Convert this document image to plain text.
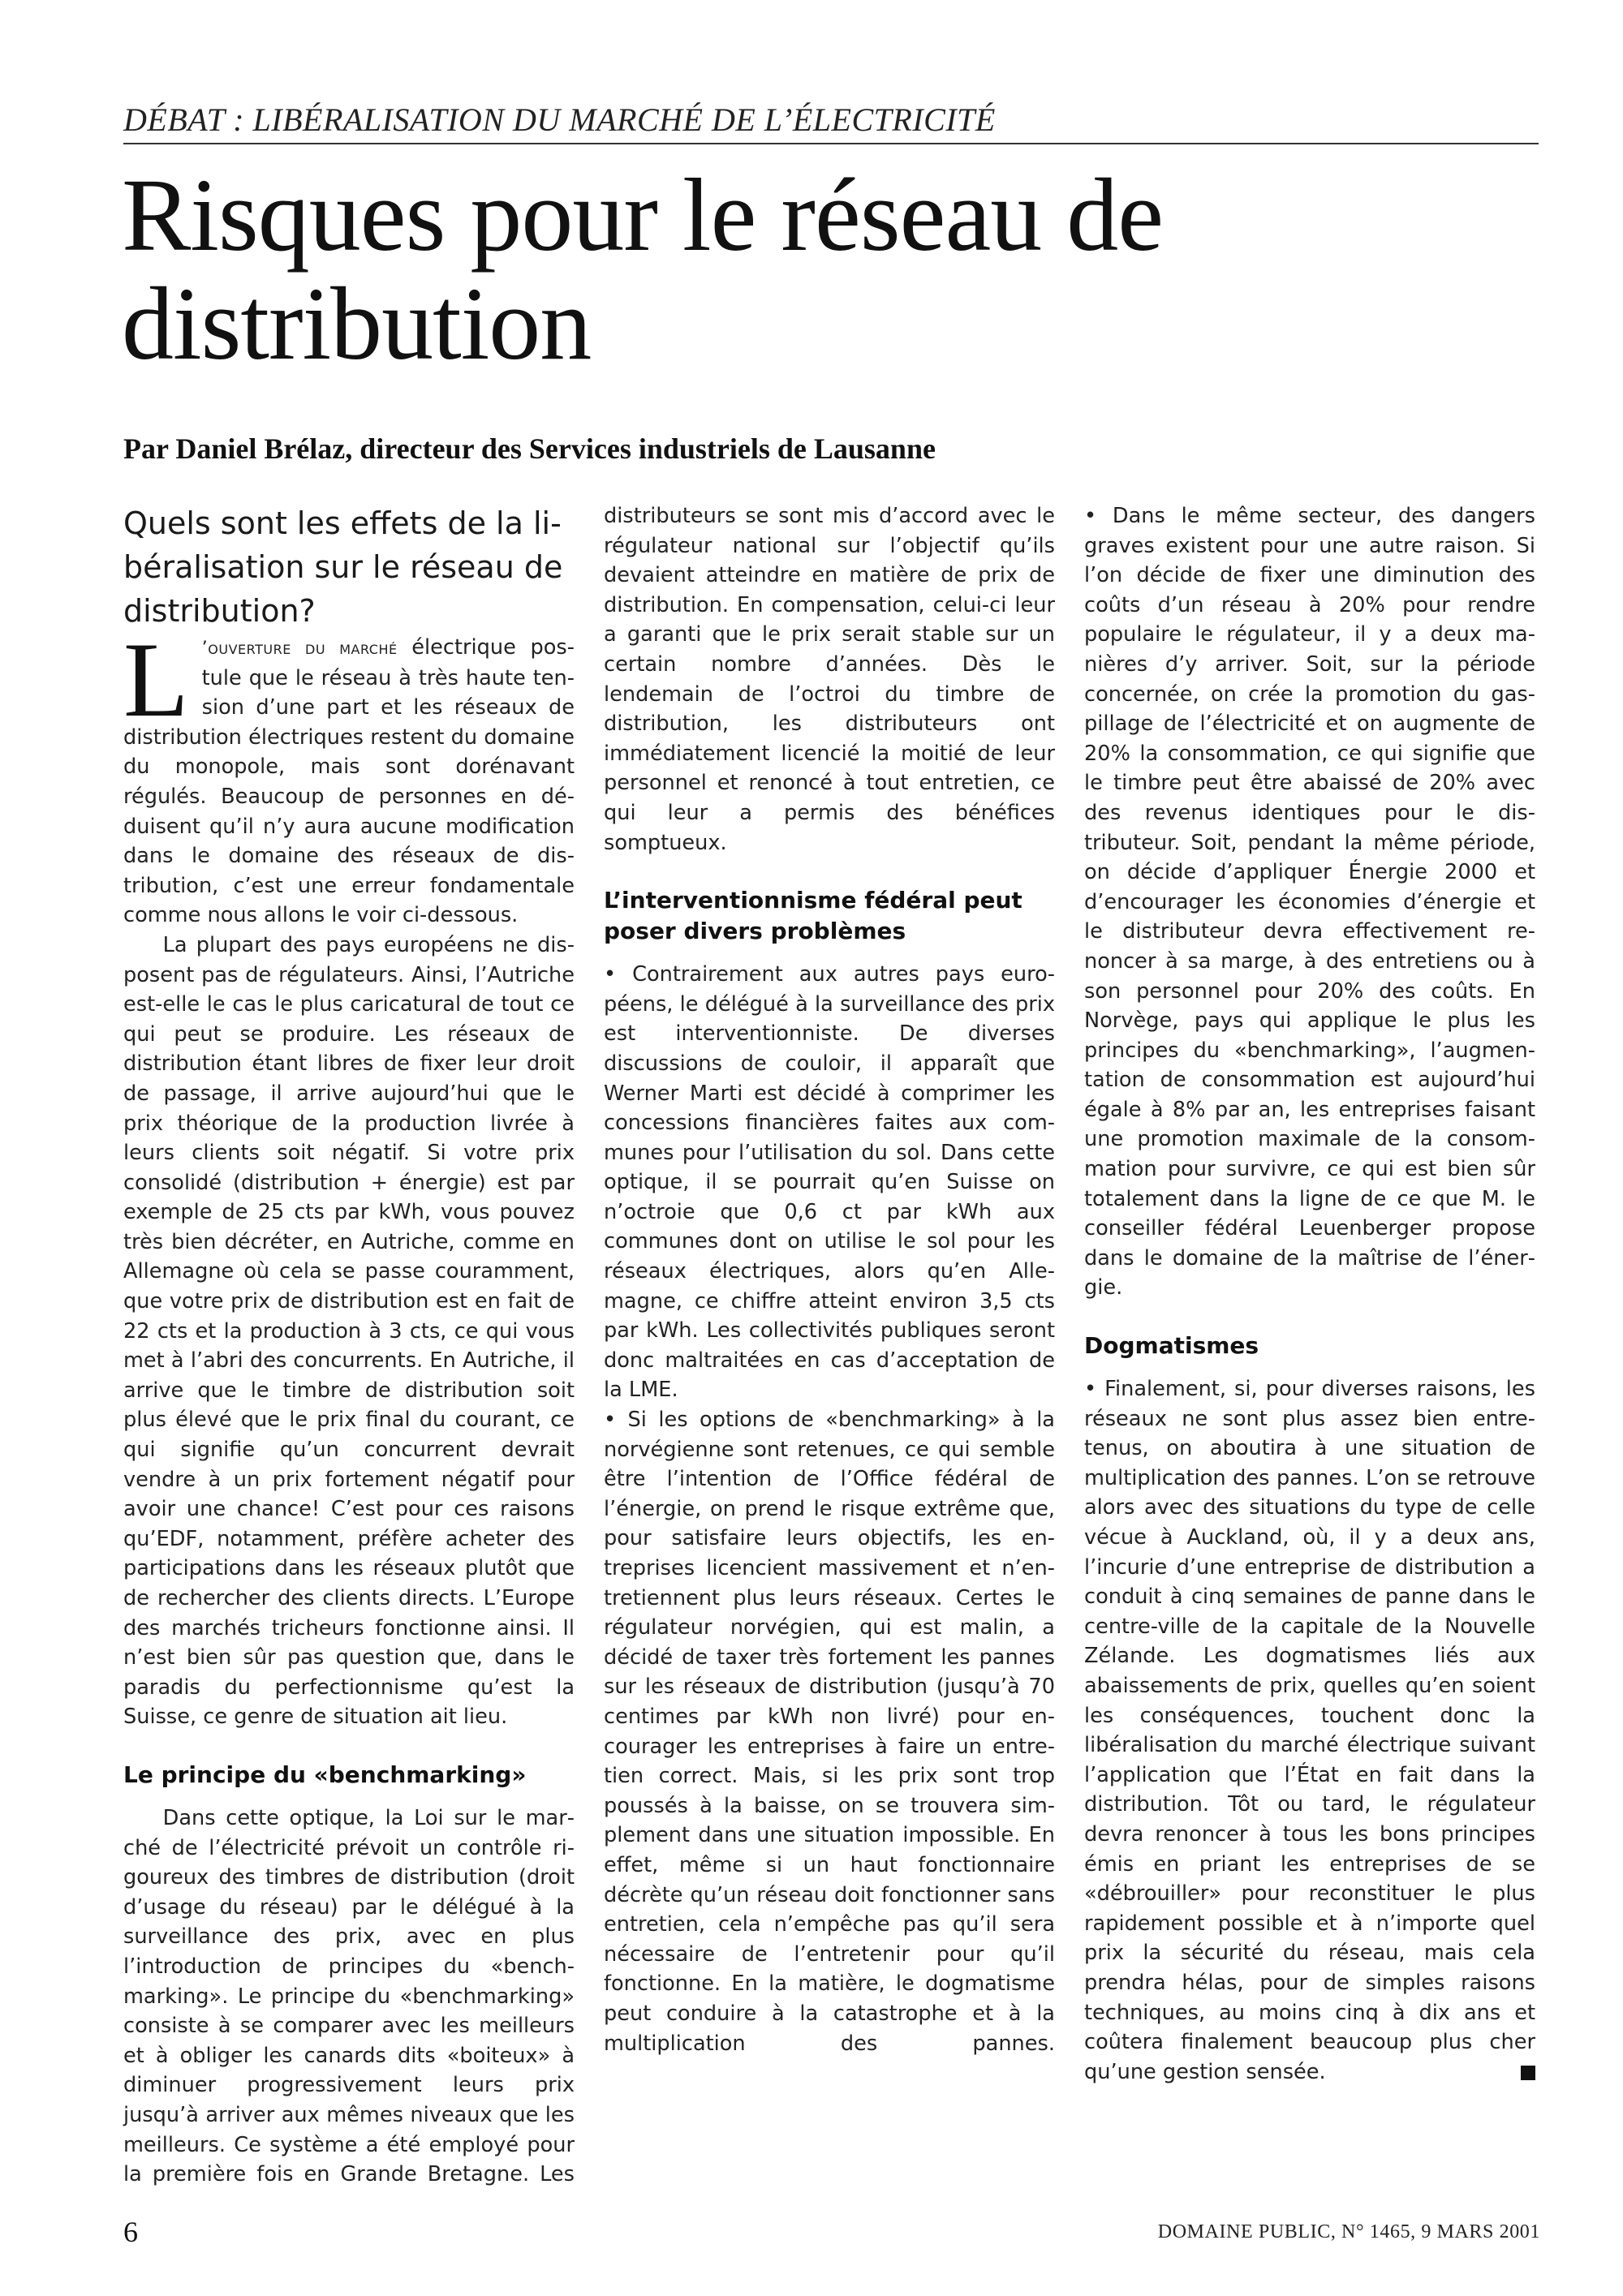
DÉBAT : LIBÉRALISATION DU MARCHÉ DE L’ÉLECTRICITÉ
Risques pour le réseau de distribution
Par Daniel Brélaz, directeur des Services industriels de Lausanne

Quels sont les effets de la libéralisation sur le réseau de distribution?

L ’ouverture du marché électrique postule que le réseau à très haute tension d’une part et les réseaux de distribution électriques restent du domaine du monopole, mais sont dorénavant régulés. Beaucoup de personnes en déduisent qu’il n’y aura aucune modification dans le domaine des réseaux de distribution, c’est une erreur fondamentale comme nous allons le voir ci-dessous.

La plupart des pays européens ne disposent pas de régulateurs. Ainsi, l’Autriche est-elle le cas le plus caricatural de tout ce qui peut se produire. Les réseaux de distribution étant libres de fixer leur droit de passage, il arrive aujourd’hui que le prix théorique de la production livrée à leurs clients soit négatif. Si votre prix consolidé (distribution + énergie) est par exemple de 25 cts par kWh, vous pouvez très bien décréter, en Autriche, comme en Allemagne où cela se passe couramment, que votre prix de distribution est en fait de 22 cts et la production à 3 cts, ce qui vous met à l’abri des concurrents. En Autriche, il arrive que le timbre de distribution soit plus élevé que le prix final du courant, ce qui signifie qu’un concurrent devrait vendre à un prix fortement négatif pour avoir une chance! C’est pour ces raisons qu’EDF, notamment, préfère acheter des participations dans les réseaux plutôt que de rechercher des clients directs. L’Europe des marchés tricheurs fonctionne ainsi. Il n’est bien sûr pas question que, dans le paradis du perfectionnisme qu’est la Suisse, ce genre de situation ait lieu.

Le principe du «benchmarking»

Dans cette optique, la Loi sur le marché de l’électricité prévoit un contrôle rigoureux des timbres de distribution (droit d’usage du réseau) par le délégué à la surveillance des prix, avec en plus l’introduction de principes du «benchmarking». Le principe du «benchmarking» consiste à se comparer avec les meilleurs et à obliger les canards dits «boiteux» à diminuer progressivement leurs prix jusqu’à arriver aux mêmes niveaux que les meilleurs. Ce système a été employé pour la première fois en Grande Bretagne. Les

distributeurs se sont mis d’accord avec le régulateur national sur l’objectif qu’ils devaient atteindre en matière de prix de distribution. En compensation, celui-ci leur a garanti que le prix serait stable sur un certain nombre d’années. Dès le lendemain de l’octroi du timbre de distribution, les distributeurs ont immédiatement licencié la moitié de leur personnel et renoncé à tout entretien, ce qui leur a permis des bénéfices somptueux.

L’interventionnisme fédéral peut poser divers problèmes

• Contrairement aux autres pays européens, le délégué à la surveillance des prix est interventionniste. De diverses discussions de couloir, il apparaît que Werner Marti est décidé à comprimer les concessions financières faites aux communes pour l’utilisation du sol. Dans cette optique, il se pourrait qu’en Suisse on n’octroie que 0,6 ct par kWh aux communes dont on utilise le sol pour les réseaux électriques, alors qu’en Allemagne, ce chiffre atteint environ 3,5 cts par kWh. Les collectivités publiques seront donc maltraitées en cas d’acceptation de la LME.

• Si les options de «benchmarking» à la norvégienne sont retenues, ce qui semble être l’intention de l’Office fédéral de l’énergie, on prend le risque extrême que, pour satisfaire leurs objectifs, les entreprises licencient massivement et n’entretiennent plus leurs réseaux. Certes le régulateur norvégien, qui est malin, a décidé de taxer très fortement les pannes sur les réseaux de distribution (jusqu’à 70 centimes par kWh non livré) pour encourager les entreprises à faire un entretien correct. Mais, si les prix sont trop poussés à la baisse, on se trouvera simplement dans une situation impossible. En effet, même si un haut fonctionnaire décrète qu’un réseau doit fonctionner sans entretien, cela n’empêche pas qu’il sera nécessaire de l’entretenir pour qu’il fonctionne. En la matière, le dogmatisme peut conduire à la catastrophe et à la multiplication des pannes.

• Dans le même secteur, des dangers graves existent pour une autre raison. Si l’on décide de fixer une diminution des coûts d’un réseau à 20% pour rendre populaire le régulateur, il y a deux manières d’y arriver. Soit, sur la période concernée, on crée la promotion du gaspillage de l’électricité et on augmente de 20% la consommation, ce qui signifie que le timbre peut être abaissé de 20% avec des revenus identiques pour le distributeur. Soit, pendant la même période, on décide d’appliquer Énergie 2000 et d’encourager les économies d’énergie et le distributeur devra effectivement renoncer à sa marge, à des entretiens ou à son personnel pour 20% des coûts. En Norvège, pays qui applique le plus les principes du «benchmarking», l’augmentation de consommation est aujourd’hui égale à 8% par an, les entreprises faisant une promotion maximale de la consommation pour survivre, ce qui est bien sûr totalement dans la ligne de ce que M. le conseiller fédéral Leuenberger propose dans le domaine de la maîtrise de l’énergie.

Dogmatismes

• Finalement, si, pour diverses raisons, les réseaux ne sont plus assez bien entretenus, on aboutira à une situation de multiplication des pannes. L’on se retrouve alors avec des situations du type de celle vécue à Auckland, où, il y a deux ans, l’incurie d’une entreprise de distribution a conduit à cinq semaines de panne dans le centre-ville de la capitale de la Nouvelle Zélande. Les dogmatismes liés aux abaissements de prix, quelles qu’en soient les conséquences, touchent donc la libéralisation du marché électrique suivant l’application que l’État en fait dans la distribution. Tôt ou tard, le régulateur devra renoncer à tous les bons principes émis en priant les entreprises de se «débrouiller» pour reconstituer le plus rapidement possible et à n’importe quel prix la sécurité du réseau, mais cela prendra hélas, pour de simples raisons techniques, au moins cinq à dix ans et coûtera finalement beaucoup plus cher qu’une gestion sensée.

6	DOMAINE PUBLIC, N° 1465, 9 MARS 2001
